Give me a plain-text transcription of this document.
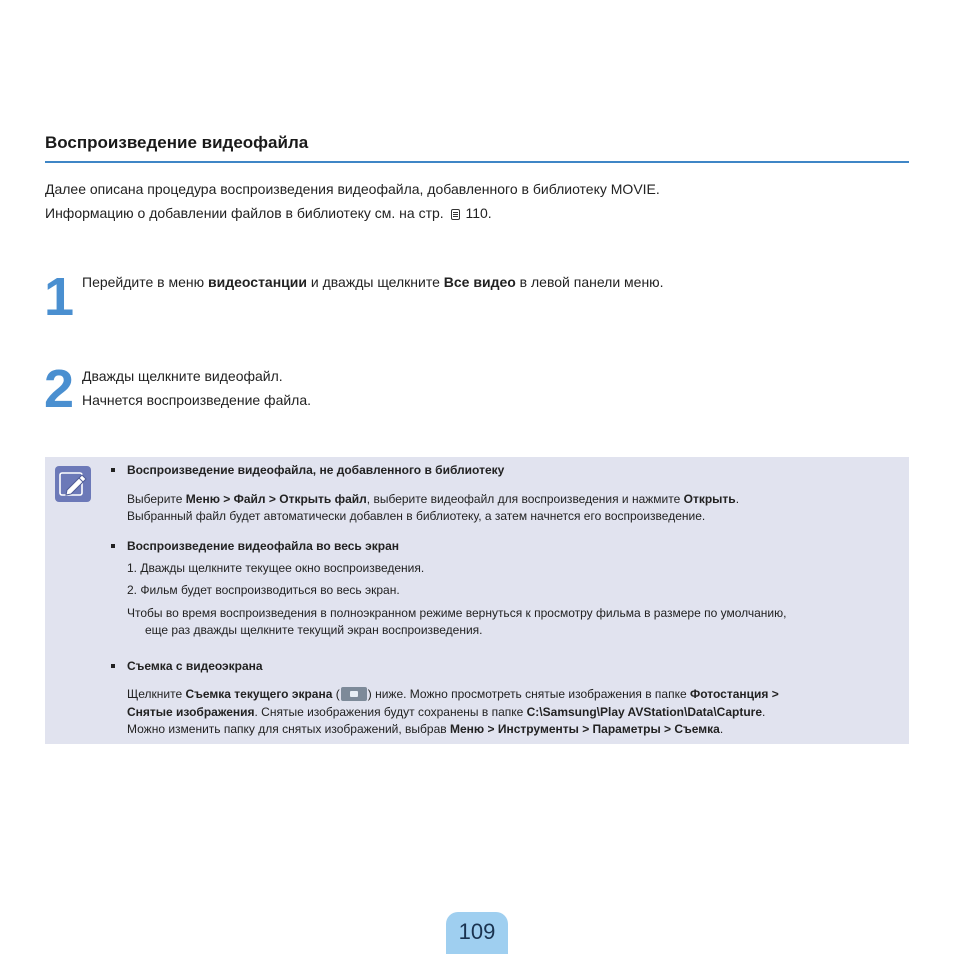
Воспроизведение видеофайла
Далее описана процедура воспроизведения видеофайла, добавленного в библиотеку MOVIE.
Информацию о добавлении файлов в библиотеку см. на стр. 110.
1 Перейдите в меню видеостанции и дважды щелкните Все видео в левой панели меню.
2 Дважды щелкните видеофайл.
Начнется воспроизведение файла.
Воспроизведение видеофайла, не добавленного в библиотеку
Выберите Меню > Файл > Открыть файл, выберите видеофайл для воспроизведения и нажмите Открыть.
Выбранный файл будет автоматически добавлен в библиотеку, а затем начнется его воспроизведение.
Воспроизведение видеофайла во весь экран
1. Дважды щелкните текущее окно воспроизведения.
2. Фильм будет воспроизводиться во весь экран.
Чтобы во время воспроизведения в полноэкранном режиме вернуться к просмотру фильма в размере по умолчанию,
еще раз дважды щелкните текущий экран воспроизведения.
Съемка с видеоэкрана
Щелкните Съемка текущего экрана ( ) ниже. Можно просмотреть снятые изображения в папке Фотостанция >
Снятые изображения. Снятые изображения будут сохранены в папке C:\Samsung\Play AVStation\Data\Capture.
Можно изменить папку для снятых изображений, выбрав Меню > Инструменты > Параметры > Съемка.
109
